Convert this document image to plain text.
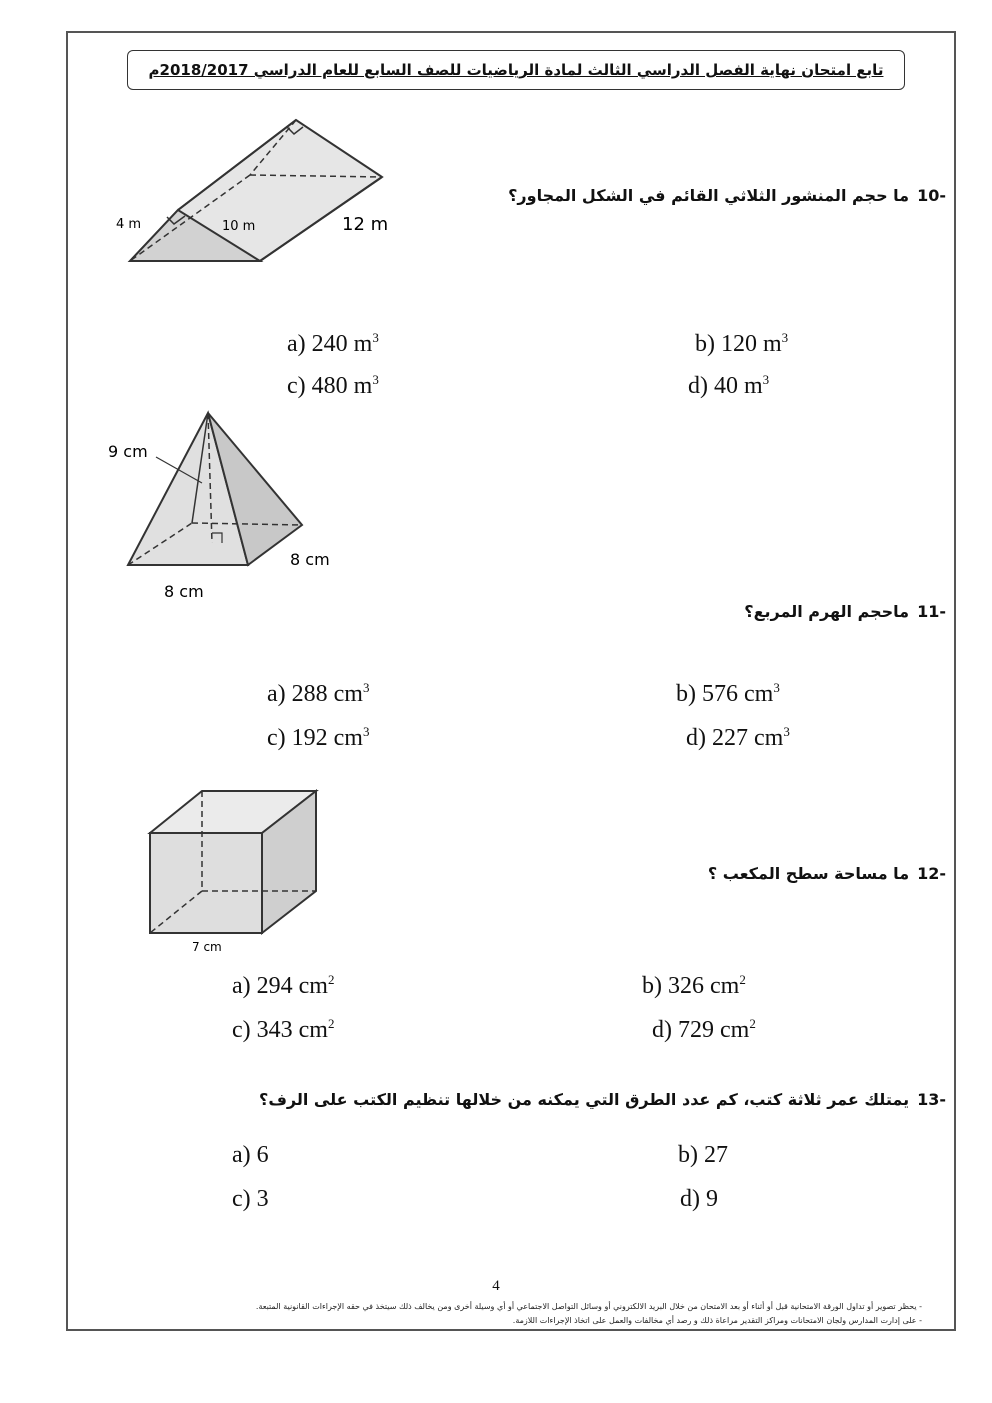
تابع امتحان نهاية الفصل الدراسي الثالث لمادة الرياضيات للصف السابع للعام الدراسي 2018/2017م
-10ما حجم المنشور الثلاثي القائم في الشكل المجاور؟
4 m	10 m	12 m
a) 240 $m^3$	b) 120 $m^3$
c) 480 $m^3$	d) 40 $m^3$
9 cm
8 cm
8 cm
-11ماحجم الهرم المربع؟
a) 288 $cm^3$	b) 576 $cm^3$
c) 192 $cm^3$	d) 227 $cm^3$
7 cm
-12ما مساحة سطح المكعب ؟
a) 294 $cm^2$	b) 326 $cm^2$
c) 343 $cm^2$	d) 729 $cm^2$
-13يمتلك عمر ثلاثة كتب، كم عدد الطرق التي يمكنه من خلالها تنظيم الكتب على الرف؟
a) 6	b) 27
c) 3	d) 9
4
- يحظر تصوير أو تداول الورقة الامتحانية قبل أو أثناء أو بعد الامتحان من خلال البريد الالكتروني أو وسائل التواصل الاجتماعي أو أي وسيلة أخرى ومن يخالف ذلك سيتخذ في حقه الإجراءات القانونية المتبعة.
- على إدارت المدارس ولجان الامتحانات ومراكز التقدير مراعاة ذلك و رصد أي مخالفات والعمل على اتخاذ الإجراءات اللازمة.
